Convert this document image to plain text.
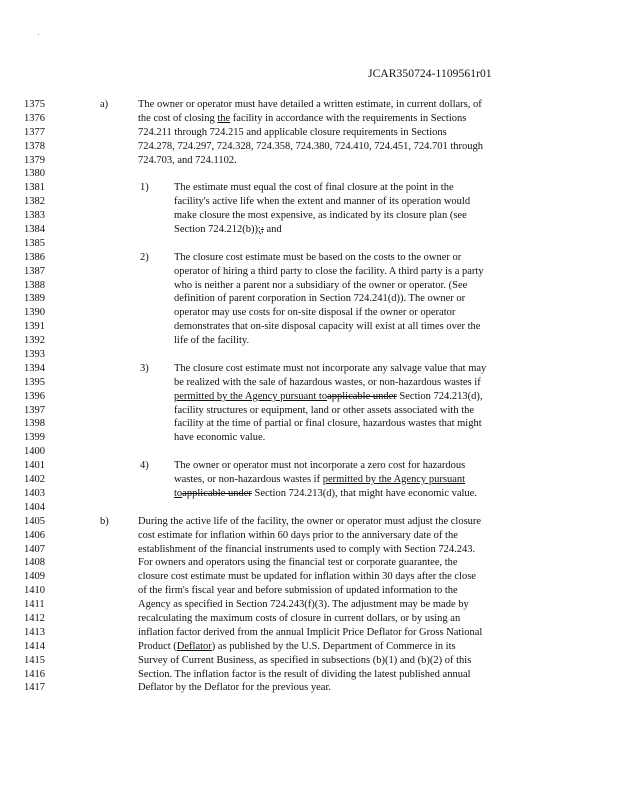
JCAR350724-1109561r01
1375	a)	The owner or operator must have detailed a written estimate, in current dollars, of
1376	the cost of closing the facility in accordance with the requirements in Sections
1377	724.211 through 724.215 and applicable closure requirements in Sections
1378	724.278, 724.297, 724.328, 724.358, 724.380, 724.410, 724.451, 724.701 through
1379	724.703, and 724.1102.
1380
1381	1) The estimate must equal the cost of final closure at the point in the
1382	facility's active life when the extent and manner of its operation would
1383	make closure the most expensive, as indicated by its closure plan (see
1384	Section 724.212(b));; and
1385
1386	2) The closure cost estimate must be based on the costs to the owner or
1387	operator of hiring a third party to close the facility. A third party is a party
1388	who is neither a parent nor a subsidiary of the owner or operator. (See
1389	definition of parent corporation in Section 724.241(d)). The owner or
1390	operator may use costs for on-site disposal if the owner or operator
1391	demonstrates that on-site disposal capacity will exist at all times over the
1392	life of the facility.
1393
1394	3) The closure cost estimate must not incorporate any salvage value that may
1395	be realized with the sale of hazardous wastes, or non-hazardous wastes if
1396	permitted by the Agency pursuant toapplicable under Section 724.213(d),
1397	facility structures or equipment, land or other assets associated with the
1398	facility at the time of partial or final closure, hazardous wastes that might
1399	have economic value.
1400
1401	4) The owner or operator must not incorporate a zero cost for hazardous
1402	wastes, or non-hazardous wastes if permitted by the Agency pursuant
1403	toapplicable under Section 724.213(d), that might have economic value.
1404
1405	b)	During the active life of the facility, the owner or operator must adjust the closure
1406	cost estimate for inflation within 60 days prior to the anniversary date of the
1407	establishment of the financial instruments used to comply with Section 724.243.
1408	For owners and operators using the financial test or corporate guarantee, the
1409	closure cost estimate must be updated for inflation within 30 days after the close
1410	of the firm's fiscal year and before submission of updated information to the
1411	Agency as specified in Section 724.243(f)(3). The adjustment may be made by
1412	recalculating the maximum costs of closure in current dollars, or by using an
1413	inflation factor derived from the annual Implicit Price Deflator for Gross National
1414	Product (Deflator) as published by the U.S. Department of Commerce in its
1415	Survey of Current Business, as specified in subsections (b)(1) and (b)(2) of this
1416	Section. The inflation factor is the result of dividing the latest published annual
1417	Deflator by the Deflator for the previous year.
